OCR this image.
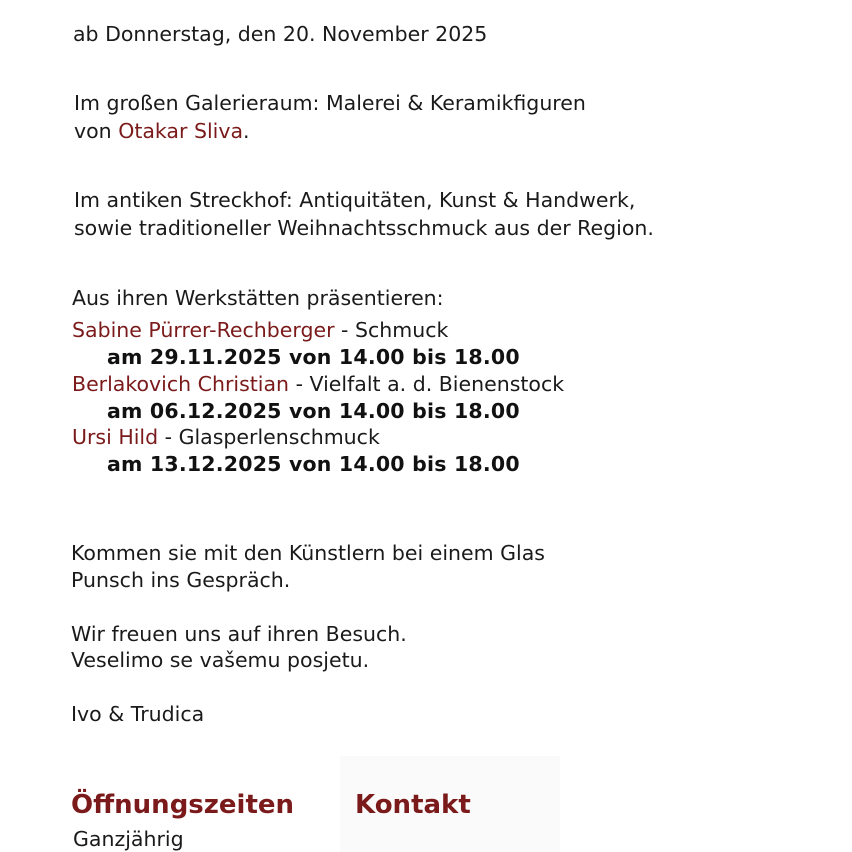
ab Donnerstag, den 20. November 2025
Im großen Galerieraum: Malerei & Keramikfiguren
von Otakar Sliva.
Im antiken Streckhof: Antiquitäten, Kunst & Handwerk,
sowie traditioneller Weihnachtsschmuck aus der Region.
Aus ihren Werkstätten präsentieren:
Sabine Pürrer-Rechberger - Schmuck
am 29.11.2025 von 14.00 bis 18.00
Berlakovich Christian - Vielfalt a. d. Bienenstock
am 06.12.2025 von 14.00 bis 18.00
Ursi Hild - Glasperlenschmuck
am 13.12.2025 von 14.00 bis 18.00
Kommen sie mit den Künstlern bei einem Glas
Punsch ins Gespräch.
Wir freuen uns auf ihren Besuch.
Veselimo se vašemu posjetu.
Ivo & Trudica
Öffnungszeiten Kontakt
Ganzjährig
